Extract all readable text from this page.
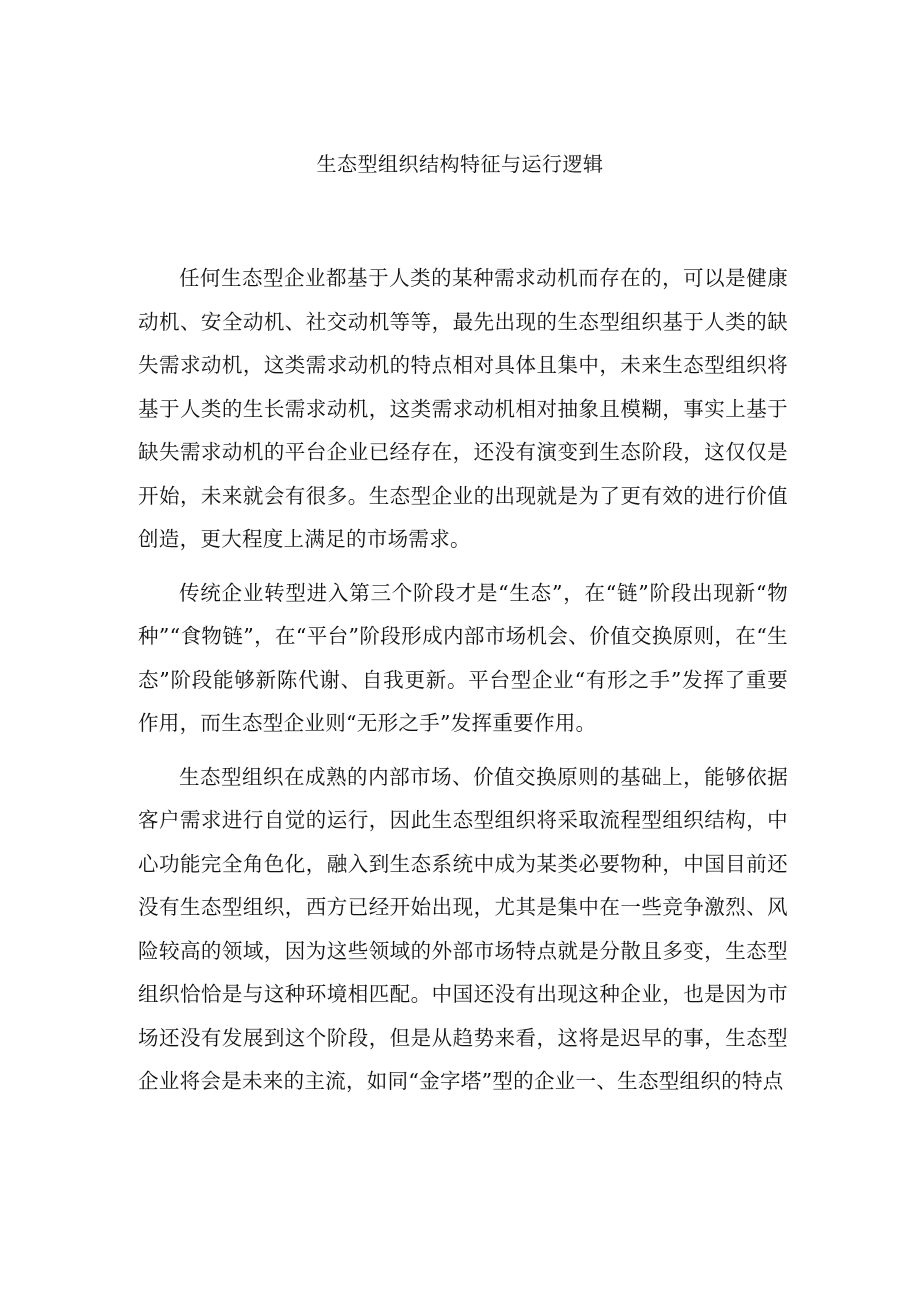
生态型组织结构特征与运行逻辑

任何生态型企业都基于人类的某种需求动机而存在的，可以是健康动机、安全动机、社交动机等等，最先出现的生态型组织基于人类的缺失需求动机，这类需求动机的特点相对具体且集中，未来生态型组织将基于人类的生长需求动机，这类需求动机相对抽象且模糊，事实上基于缺失需求动机的平台企业已经存在，还没有演变到生态阶段，这仅仅是开始，未来就会有很多。生态型企业的出现就是为了更有效的进行价值创造，更大程度上满足的市场需求。

传统企业转型进入第三个阶段才是“生态”，在“链”阶段出现新“物种”“食物链”，在“平台”阶段形成内部市场机会、价值交换原则，在“生态”阶段能够新陈代谢、自我更新。平台型企业“有形之手”发挥了重要作用，而生态型企业则“无形之手”发挥重要作用。

生态型组织在成熟的内部市场、价值交换原则的基础上，能够依据客户需求进行自觉的运行，因此生态型组织将采取流程型组织结构，中心功能完全角色化，融入到生态系统中成为某类必要物种，中国目前还没有生态型组织，西方已经开始出现，尤其是集中在一些竞争激烈、风险较高的领域，因为这些领域的外部市场特点就是分散且多变，生态型组织恰恰是与这种环境相匹配。中国还没有出现这种企业，也是因为市场还没有发展到这个阶段，但是从趋势来看，这将是迟早的事，生态型企业将会是未来的主流，如同“金字塔”型的企业一、生态型组织的特点
